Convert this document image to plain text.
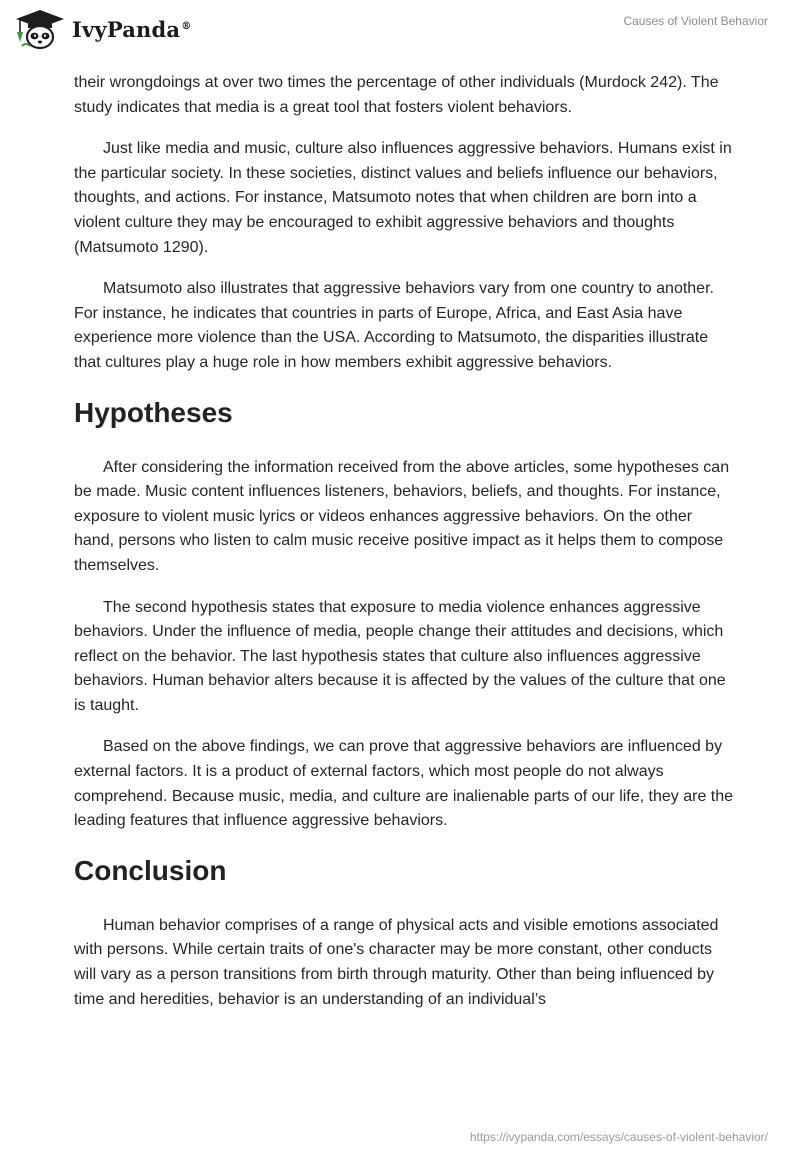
IvyPanda®	Causes of Violent Behavior

their wrongdoings at over two times the percentage of other individuals (Murdock 242). The study indicates that media is a great tool that fosters violent behaviors.

Just like media and music, culture also influences aggressive behaviors. Humans exist in the particular society. In these societies, distinct values and beliefs influence our behaviors, thoughts, and actions. For instance, Matsumoto notes that when children are born into a violent culture they may be encouraged to exhibit aggressive behaviors and thoughts (Matsumoto 1290).

Matsumoto also illustrates that aggressive behaviors vary from one country to another. For instance, he indicates that countries in parts of Europe, Africa, and East Asia have experience more violence than the USA. According to Matsumoto, the disparities illustrate that cultures play a huge role in how members exhibit aggressive behaviors.

Hypotheses

After considering the information received from the above articles, some hypotheses can be made. Music content influences listeners, behaviors, beliefs, and thoughts. For instance, exposure to violent music lyrics or videos enhances aggressive behaviors. On the other hand, persons who listen to calm music receive positive impact as it helps them to compose themselves.

The second hypothesis states that exposure to media violence enhances aggressive behaviors. Under the influence of media, people change their attitudes and decisions, which reflect on the behavior. The last hypothesis states that culture also influences aggressive behaviors. Human behavior alters because it is affected by the values of the culture that one is taught.

Based on the above findings, we can prove that aggressive behaviors are influenced by external factors. It is a product of external factors, which most people do not always comprehend. Because music, media, and culture are inalienable parts of our life, they are the leading features that influence aggressive behaviors.

Conclusion

Human behavior comprises of a range of physical acts and visible emotions associated with persons. While certain traits of one's character may be more constant, other conducts will vary as a person transitions from birth through maturity. Other than being influenced by time and heredities, behavior is an understanding of an individual’s

https://ivypanda.com/essays/causes-of-violent-behavior/
